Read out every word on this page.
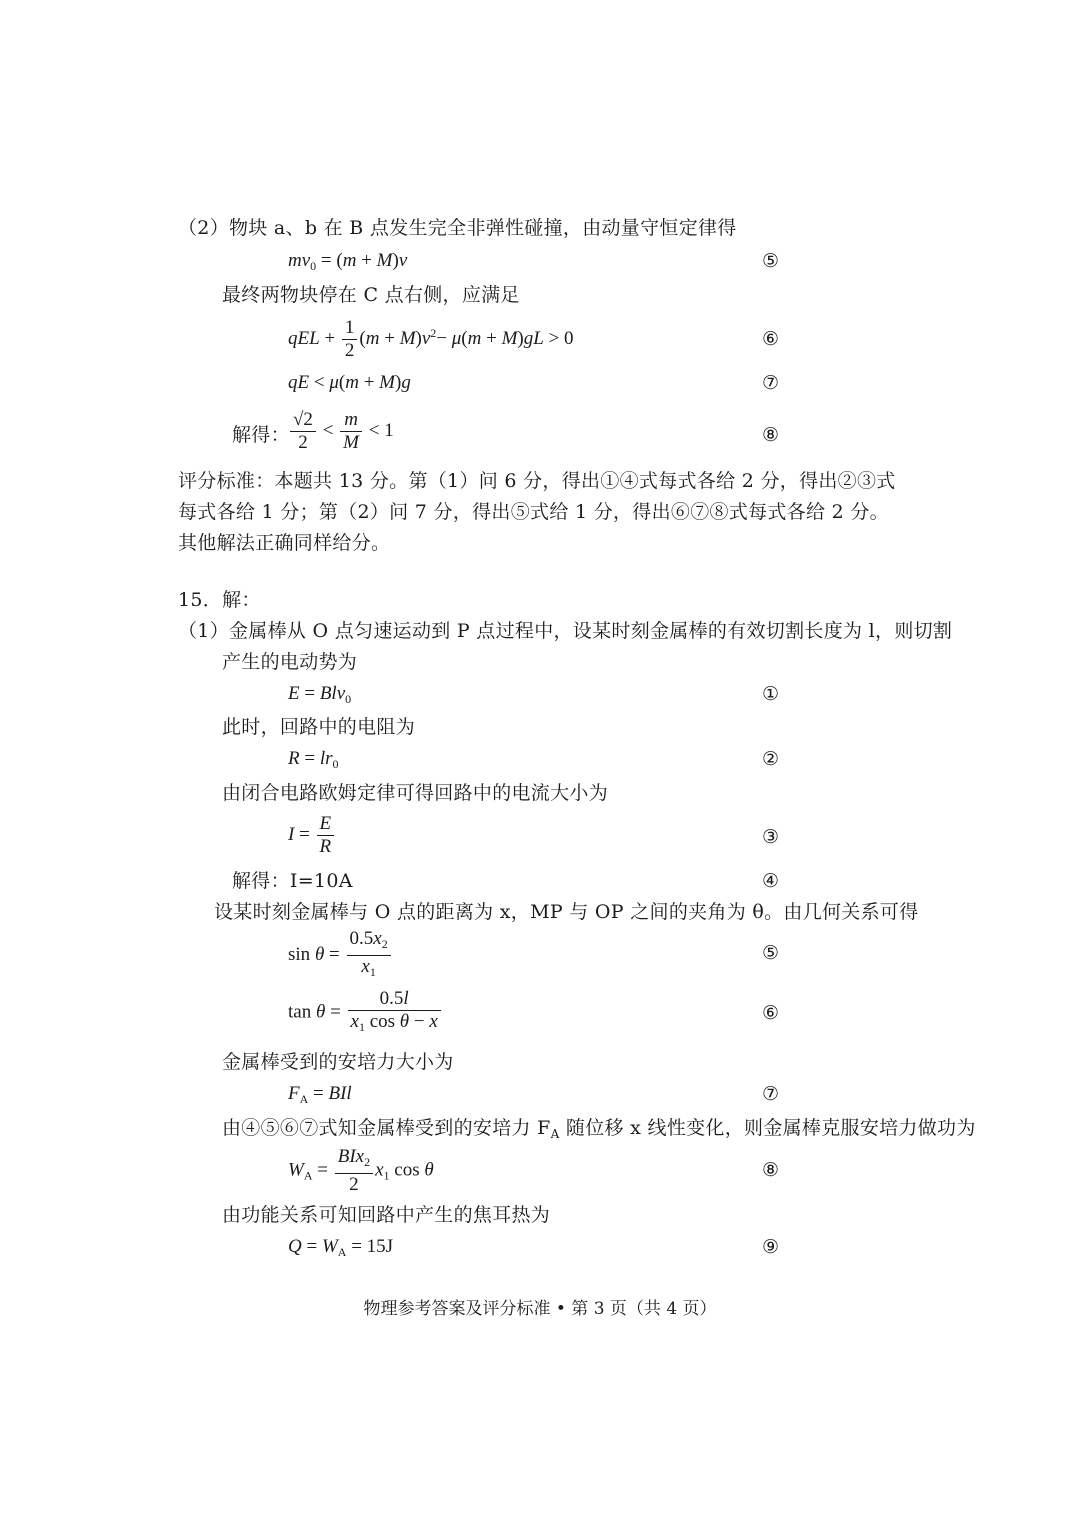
（2）物块 a、b 在 B 点发生完全非弹性碰撞，由动量守恒定律得
$mv_0 = (m + M)v$	⑤
最终两物块停在 C 点右侧，应满足
qEL + $\frac{1}{2} (m + M)v^2- \mu(m + M)gL > 0$	⑥
qE < μ(m + M)g	⑦
解得： $\frac{√2}{2} < \frac{m}{M} < 1$	⑧
评分标准：本题共 13 分。第（1）问 6 分，得出①④式每式各给 2 分，得出②③式每式各给 1 分；第（2）问 7 分，得出⑤式给 1 分，得出⑥⑦⑧式每式各给 2 分。其他解法正确同样给分。
15．解：
（1）金属棒从 O 点匀速运动到 P 点过程中，设某时刻金属棒的有效切割长度为 l，则切割
产生的电动势为
E = Blv$_0$	①
此时，回路中的电阻为
$R = lr_0$	②
由闭合电路欧姆定律可得回路中的电流大小为
$I = \frac{E}{R}$	③
解得：I=10A	④
设某时刻金属棒与 O 点的距离为 x，MP 与 OP 之间的夹角为 θ。由几何关系可得
$\sin \theta = \frac{0.5x_2}{x_1}$	⑤
$\tan \theta = \frac{0.5l}{x_1 \cos \theta - x}$	⑥
金属棒受到的安培力大小为
$F_A$ = BIl	⑦
由④⑤⑥⑦式知金属棒受到的安培力 $F_A$ 随位移 x 线性变化，则金属棒克服安培力做功为
$W_A = \frac{BIx_2}{2} x_1$ cos θ	⑧
由功能关系可知回路中产生的焦耳热为
$Q = W_A = 15J$	⑨
物理参考答案及评分标准 • 第 3 页（共 4 页）
